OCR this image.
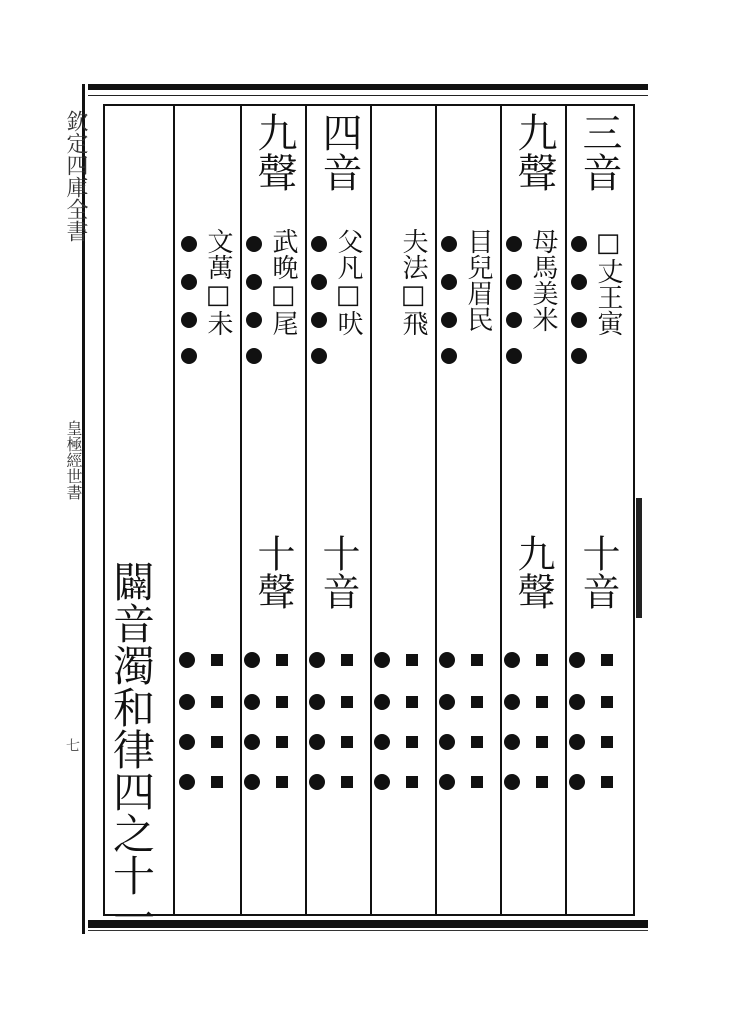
欽定四庫全書

皇極經世書

七 闢音濁和律四之十一

三音

□丈王寅

十音

九聲

母馬美米

九聲

目兒眉民

夫法□飛

四音

父凡□吠

十音

九聲

武晚□尾

十聲

文萬□未
